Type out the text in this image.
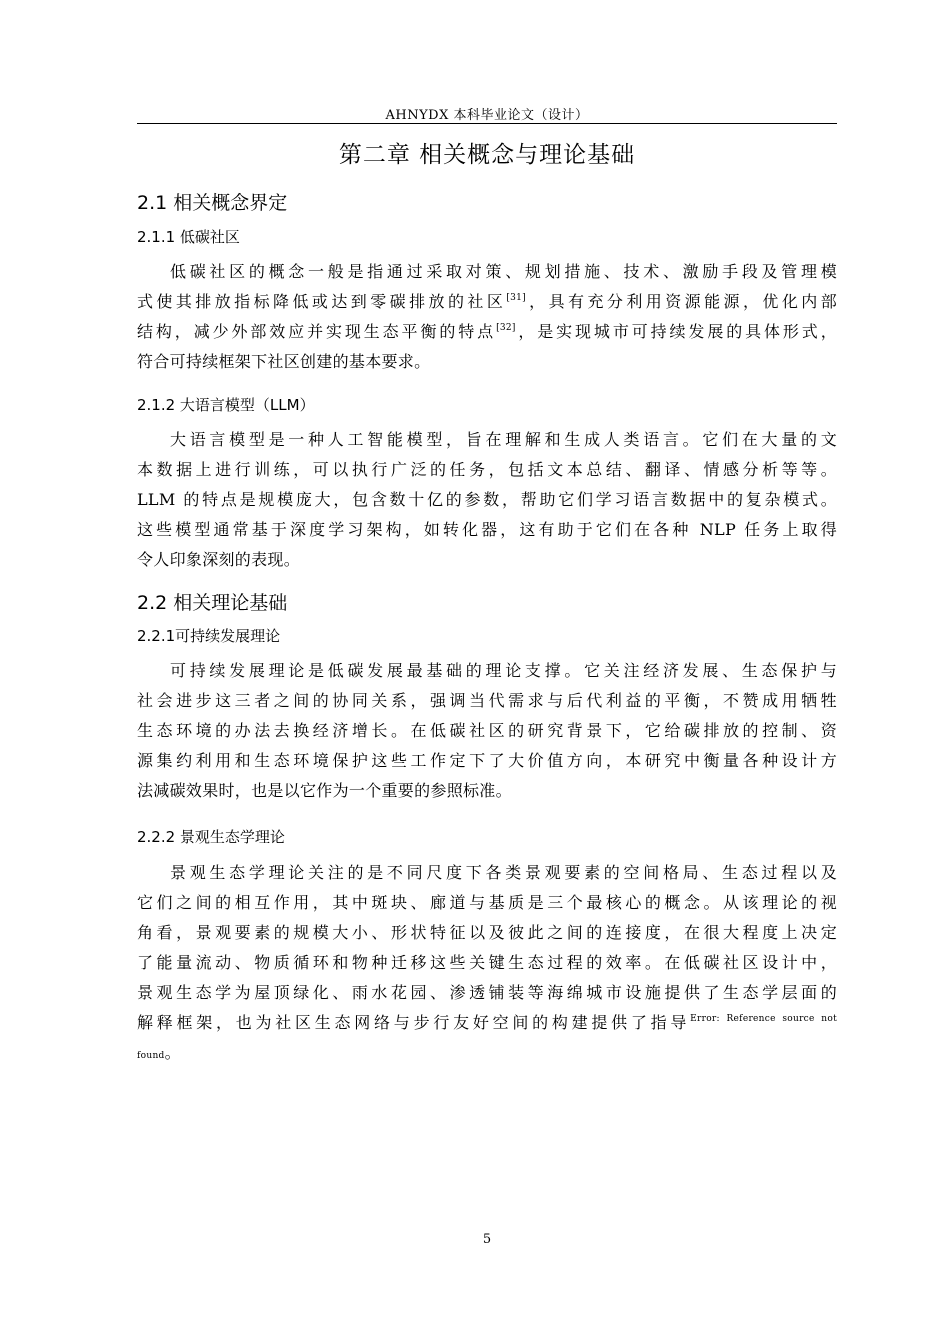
AHNYDX 本科毕业论文（设计）
第二章 相关概念与理论基础
2.1 相关概念界定
2.1.1 低碳社区
低碳社区的概念一般是指通过采取对策、规划措施、技术、激励手段及管理模
式使其排放指标降低或达到零碳排放的社区[31]，具有充分利用资源能源，优化内部
结构，减少外部效应并实现生态平衡的特点[32]，是实现城市可持续发展的具体形式，
符合可持续框架下社区创建的基本要求。
2.1.2 大语言模型（LLM）
大语言模型是一种人工智能模型，旨在理解和生成人类语言。它们在大量的文
本数据上进行训练，可以执行广泛的任务，包括文本总结、翻译、情感分析等等。
LLM 的特点是规模庞大，包含数十亿的参数，帮助它们学习语言数据中的复杂模式。
这些模型通常基于深度学习架构，如转化器，这有助于它们在各种 NLP 任务上取得
令人印象深刻的表现。
2.2 相关理论基础
2.2.1可持续发展理论
可持续发展理论是低碳发展最基础的理论支撑。它关注经济发展、生态保护与
社会进步这三者之间的协同关系，强调当代需求与后代利益的平衡，不赞成用牺牲
生态环境的办法去换经济增长。在低碳社区的研究背景下，它给碳排放的控制、资
源集约利用和生态环境保护这些工作定下了大价值方向，本研究中衡量各种设计方
法减碳效果时，也是以它作为一个重要的参照标准。
2.2.2 景观生态学理论
景观生态学理论关注的是不同尺度下各类景观要素的空间格局、生态过程以及
它们之间的相互作用，其中斑块、廊道与基质是三个最核心的概念。从该理论的视
角看，景观要素的规模大小、形状特征以及彼此之间的连接度，在很大程度上决定
了能量流动、物质循环和物种迁移这些关键生态过程的效率。在低碳社区设计中，
景观生态学为屋顶绿化、雨水花园、渗透铺装等海绵城市设施提供了生态学层面的
解释框架，也为社区生态网络与步行友好空间的构建提供了指导$^{Error: Reference source not}$
found。
5
